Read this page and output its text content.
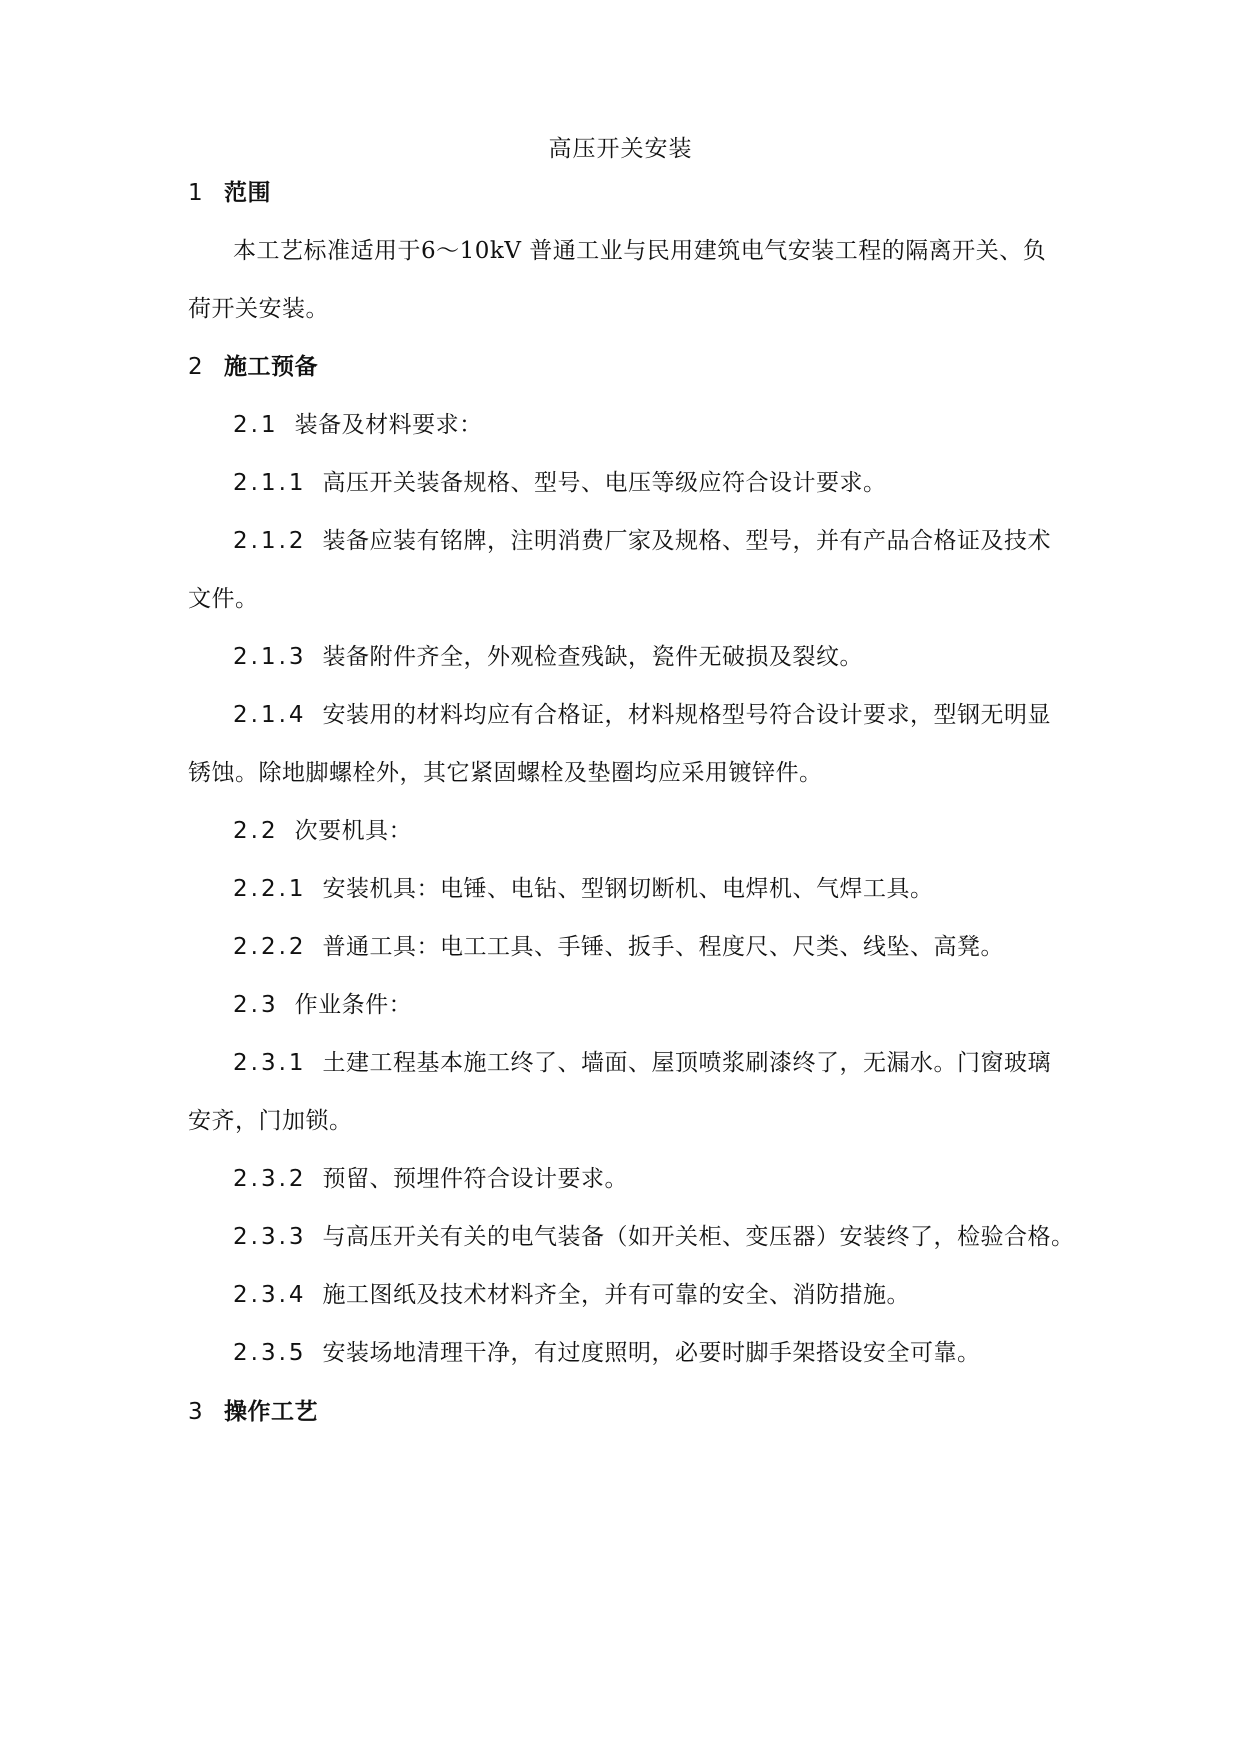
高压开关安装
1 范围
本工艺标准适用于6～10kV 普通工业与民用建筑电气安装工程的隔离开关、负
荷开关安装。
2 施工预备
2.1 装备及材料要求：
2.1.1 高压开关装备规格、型号、电压等级应符合设计要求。
2.1.2 装备应装有铭牌，注明消费厂家及规格、型号，并有产品合格证及技术
文件。
2.1.3 装备附件齐全，外观检查残缺，瓷件无破损及裂纹。
2.1.4 安装用的材料均应有合格证，材料规格型号符合设计要求，型钢无明显
锈蚀。除地脚螺栓外，其它紧固螺栓及垫圈均应采用镀锌件。
2.2 次要机具：
2.2.1 安装机具：电锤、电钻、型钢切断机、电焊机、气焊工具。
2.2.2 普通工具：电工工具、手锤、扳手、程度尺、尺类、线坠、高凳。
2.3 作业条件：
2.3.1 土建工程基本施工终了、墙面、屋顶喷浆刷漆终了，无漏水。门窗玻璃
安齐，门加锁。
2.3.2 预留、预埋件符合设计要求。
2.3.3 与高压开关有关的电气装备（如开关柜、变压器）安装终了，检验合格。
2.3.4 施工图纸及技术材料齐全，并有可靠的安全、消防措施。
2.3.5 安装场地清理干净，有过度照明，必要时脚手架搭设安全可靠。
3 操作工艺
